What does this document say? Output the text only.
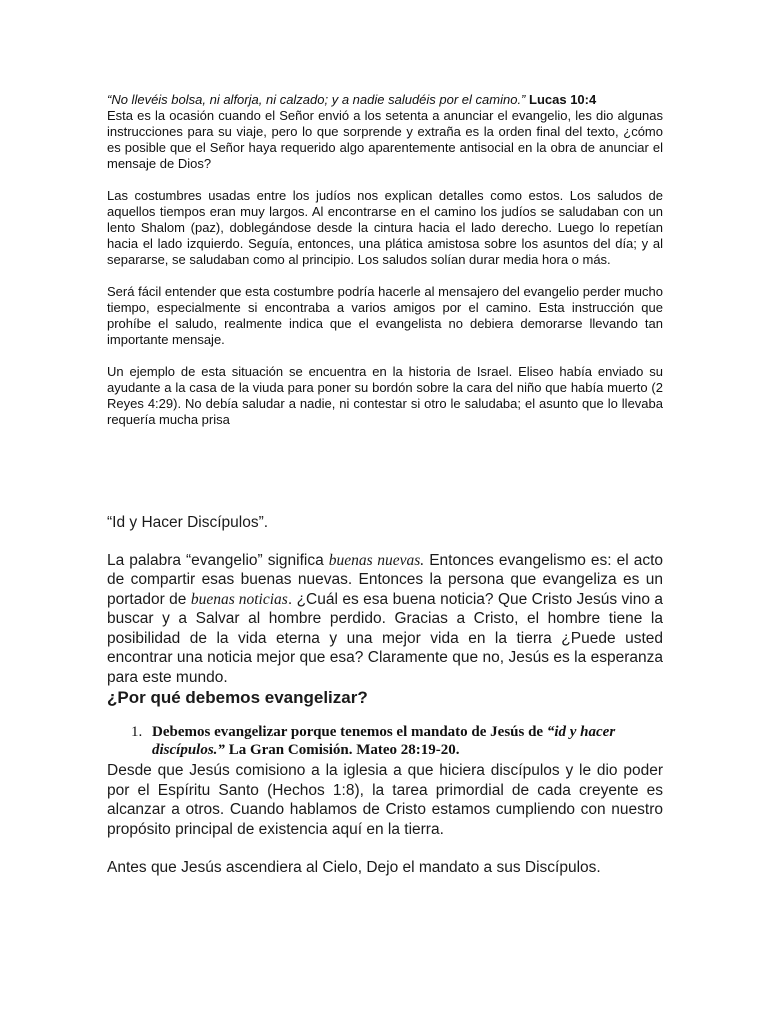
“No llevéis bolsa, ni alforja, ni calzado; y a nadie saludéis por el camino.” Lucas 10:4

Esta es la ocasión cuando el Señor envió a los setenta a anunciar el evangelio, les dio algunas instrucciones para su viaje, pero lo que sorprende y extraña es la orden final del texto, ¿cómo es posible que el Señor haya requerido algo aparentemente antisocial en la obra de anunciar el mensaje de Dios?

Las costumbres usadas entre los judíos nos explican detalles como estos. Los saludos de aquellos tiempos eran muy largos. Al encontrarse en el camino los judíos se saludaban con un lento Shalom (paz), doblegándose desde la cintura hacia el lado derecho. Luego lo repetían hacia el lado izquierdo. Seguía, entonces, una plática amistosa sobre los asuntos del día; y al separarse, se saludaban como al principio. Los saludos solían durar media hora o más.

Será fácil entender que esta costumbre podría hacerle al mensajero del evangelio perder mucho tiempo, especialmente si encontraba a varios amigos por el camino. Esta instrucción que prohíbe el saludo, realmente indica que el evangelista no debiera demorarse llevando tan importante mensaje.

Un ejemplo de esta situación se encuentra en la historia de Israel. Eliseo había enviado su ayudante a la casa de la viuda para poner su bordón sobre la cara del niño que había muerto (2 Reyes 4:29). No debía saludar a nadie, ni contestar si otro le saludaba; el asunto que lo llevaba requería mucha prisa

“Id y Hacer Discípulos”.

La palabra “evangelio” significa buenas nuevas. Entonces evangelismo es: el acto de compartir esas buenas nuevas. Entonces la persona que evangeliza es un portador de buenas noticias. ¿Cuál es esa buena noticia? Que Cristo Jesús vino a buscar y a Salvar al hombre perdido. Gracias a Cristo, el hombre tiene la posibilidad de la vida eterna y una mejor vida en la tierra ¿Puede usted encontrar una noticia mejor que esa? Claramente que no, Jesús es la esperanza para este mundo.

¿Por qué debemos evangelizar?

1. Debemos evangelizar porque tenemos el mandato de Jesús de “id y hacer discípulos.” La Gran Comisión. Mateo 28:19-20.

Desde que Jesús comisiono a la iglesia a que hiciera discípulos y le dio poder por el Espíritu Santo (Hechos 1:8), la tarea primordial de cada creyente es alcanzar a otros. Cuando hablamos de Cristo estamos cumpliendo con nuestro propósito principal de existencia aquí en la tierra.

Antes que Jesús ascendiera al Cielo, Dejo el mandato a sus Discípulos.
